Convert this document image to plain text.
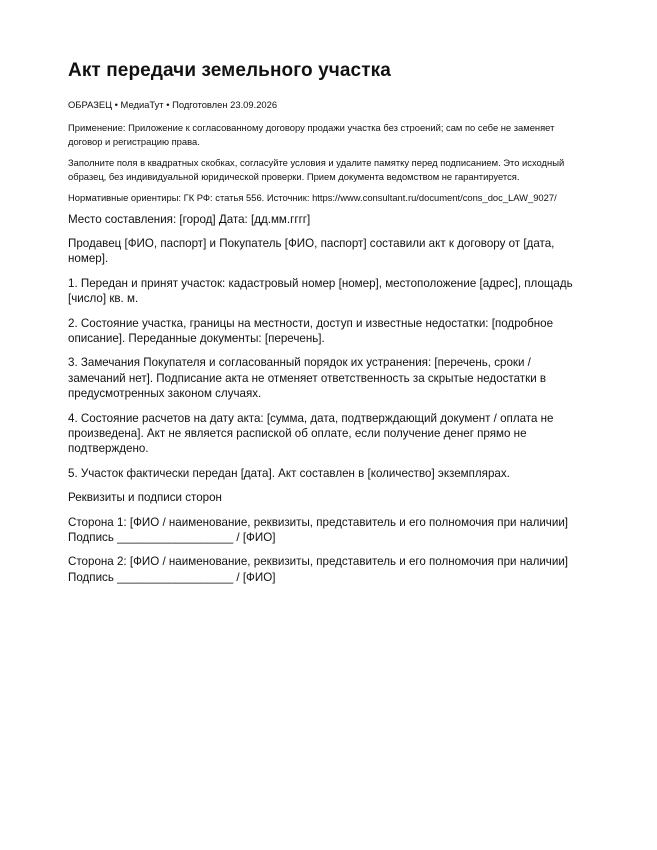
Акт передачи земельного участка

ОБРАЗЕЦ • МедиаТут • Подготовлен 23.09.2026

Применение: Приложение к согласованному договору продажи участка без строений; сам по себе не заменяет договор и регистрацию права.

Заполните поля в квадратных скобках, согласуйте условия и удалите памятку перед подписанием. Это исходный образец, без индивидуальной юридической проверки. Прием документа ведомством не гарантируется.

Нормативные ориентиры: ГК РФ: статья 556. Источник: https://www.consultant.ru/document/cons_doc_LAW_9027/

Место составления: [город] Дата: [дд.мм.гггг]

Продавец [ФИО, паспорт] и Покупатель [ФИО, паспорт] составили акт к договору от [дата, номер].

1. Передан и принят участок: кадастровый номер [номер], местоположение [адрес], площадь [число] кв. м.

2. Состояние участка, границы на местности, доступ и известные недостатки: [подробное описание]. Переданные документы: [перечень].

3. Замечания Покупателя и согласованный порядок их устранения: [перечень, сроки / замечаний нет]. Подписание акта не отменяет ответственность за скрытые недостатки в предусмотренных законом случаях.

4. Состояние расчетов на дату акта: [сумма, дата, подтверждающий документ / оплата не произведена]. Акт не является распиской об оплате, если получение денег прямо не подтверждено.

5. Участок фактически передан [дата]. Акт составлен в [количество] экземплярах.

Реквизиты и подписи сторон

Сторона 1: [ФИО / наименование, реквизиты, представитель и его полномочия при наличии]
Подпись __________________ / [ФИО]

Сторона 2: [ФИО / наименование, реквизиты, представитель и его полномочия при наличии]
Подпись __________________ / [ФИО]
